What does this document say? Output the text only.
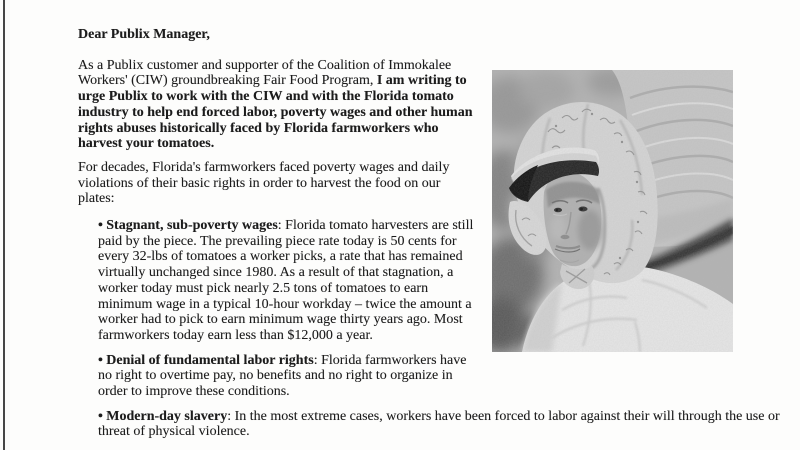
Dear Publix Manager,

As a Publix customer and supporter of the Coalition of Immokalee Workers' (CIW) groundbreaking Fair Food Program, I am writing to urge Publix to work with the CIW and with the Florida tomato industry to help end forced labor, poverty wages and other human rights abuses historically faced by Florida farmworkers who harvest your tomatoes.

For decades, Florida's farmworkers faced poverty wages and daily violations of their basic rights in order to harvest the food on our plates:

• Stagnant, sub-poverty wages: Florida tomato harvesters are still paid by the piece. The prevailing piece rate today is 50 cents for every 32-lbs of tomatoes a worker picks, a rate that has remained virtually unchanged since 1980. As a result of that stagnation, a worker today must pick nearly 2.5 tons of tomatoes to earn minimum wage in a typical 10-hour workday – twice the amount a worker had to pick to earn minimum wage thirty years ago. Most farmworkers today earn less than $12,000 a year.

• Denial of fundamental labor rights: Florida farmworkers have no right to overtime pay, no benefits and no right to organize in order to improve these conditions.

• Modern-day slavery: In the most extreme cases, workers have been forced to labor against their will through the use or threat of physical violence.
